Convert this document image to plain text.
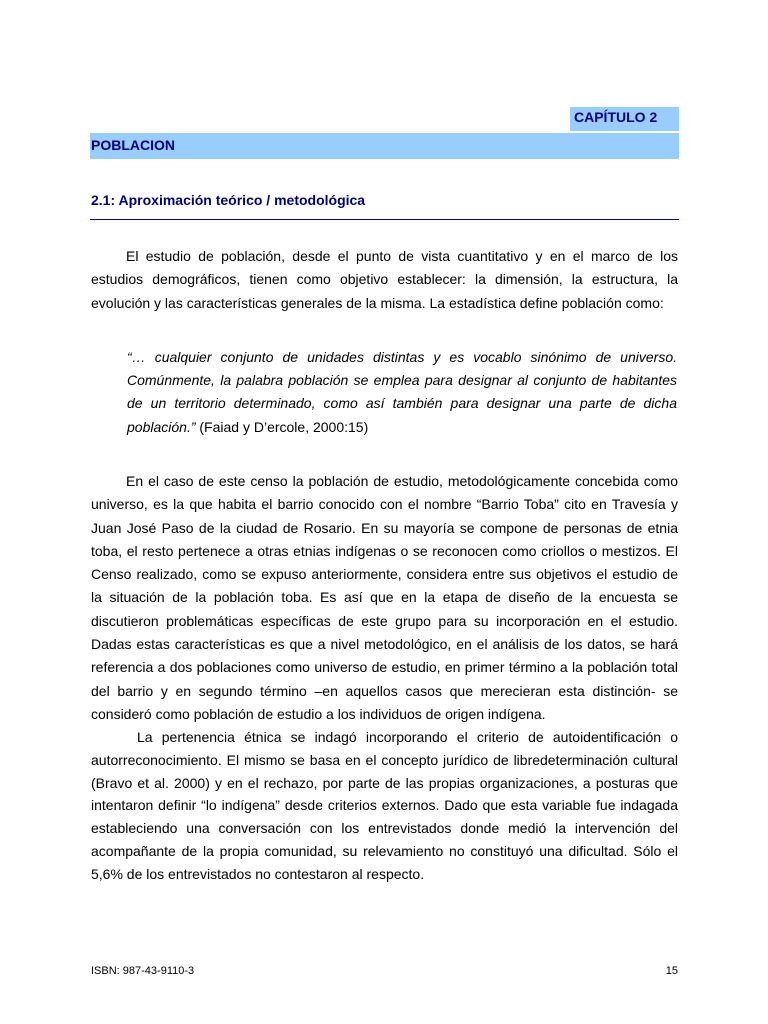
CAPÍTULO 2
POBLACION
2.1: Aproximación teórico / metodológica

El estudio de población, desde el punto de vista cuantitativo y en el marco de los estudios demográficos, tienen como objetivo establecer: la dimensión, la estructura, la evolución y las características generales de la misma. La estadística define población como:

“… cualquier conjunto de unidades distintas y es vocablo sinónimo de universo. Comúnmente, la palabra población se emplea para designar al conjunto de habitantes de un territorio determinado, como así también para designar una parte de dicha población.” (Faiad y D’ercole, 2000:15)

En el caso de este censo la población de estudio, metodológicamente concebida como universo, es la que habita el barrio conocido con el nombre “Barrio Toba” cito en Travesía y Juan José Paso de la ciudad de Rosario. En su mayoría se compone de personas de etnia toba, el resto pertenece a otras etnias indígenas o se reconocen como criollos o mestizos. El Censo realizado, como se expuso anteriormente, considera entre sus objetivos el estudio de la situación de la población toba. Es así que en la etapa de diseño de la encuesta se discutieron problemáticas específicas de este grupo para su incorporación en el estudio. Dadas estas características es que a nivel metodológico, en el análisis de los datos, se hará referencia a dos poblaciones como universo de estudio, en primer término a la población total del barrio y en segundo término –en aquellos casos que merecieran esta distinción- se consideró como población de estudio a los individuos de origen indígena.

La pertenencia étnica se indagó incorporando el criterio de autoidentificación o autorreconocimiento. El mismo se basa en el concepto jurídico de libredeterminación cultural (Bravo et al. 2000) y en el rechazo, por parte de las propias organizaciones, a posturas que intentaron definir “lo indígena” desde criterios externos. Dado que esta variable fue indagada estableciendo una conversación con los entrevistados donde medió la intervención del acompañante de la propia comunidad, su relevamiento no constituyó una dificultad. Sólo el 5,6% de los entrevistados no contestaron al respecto.

ISBN: 987-43-9110-3	15
